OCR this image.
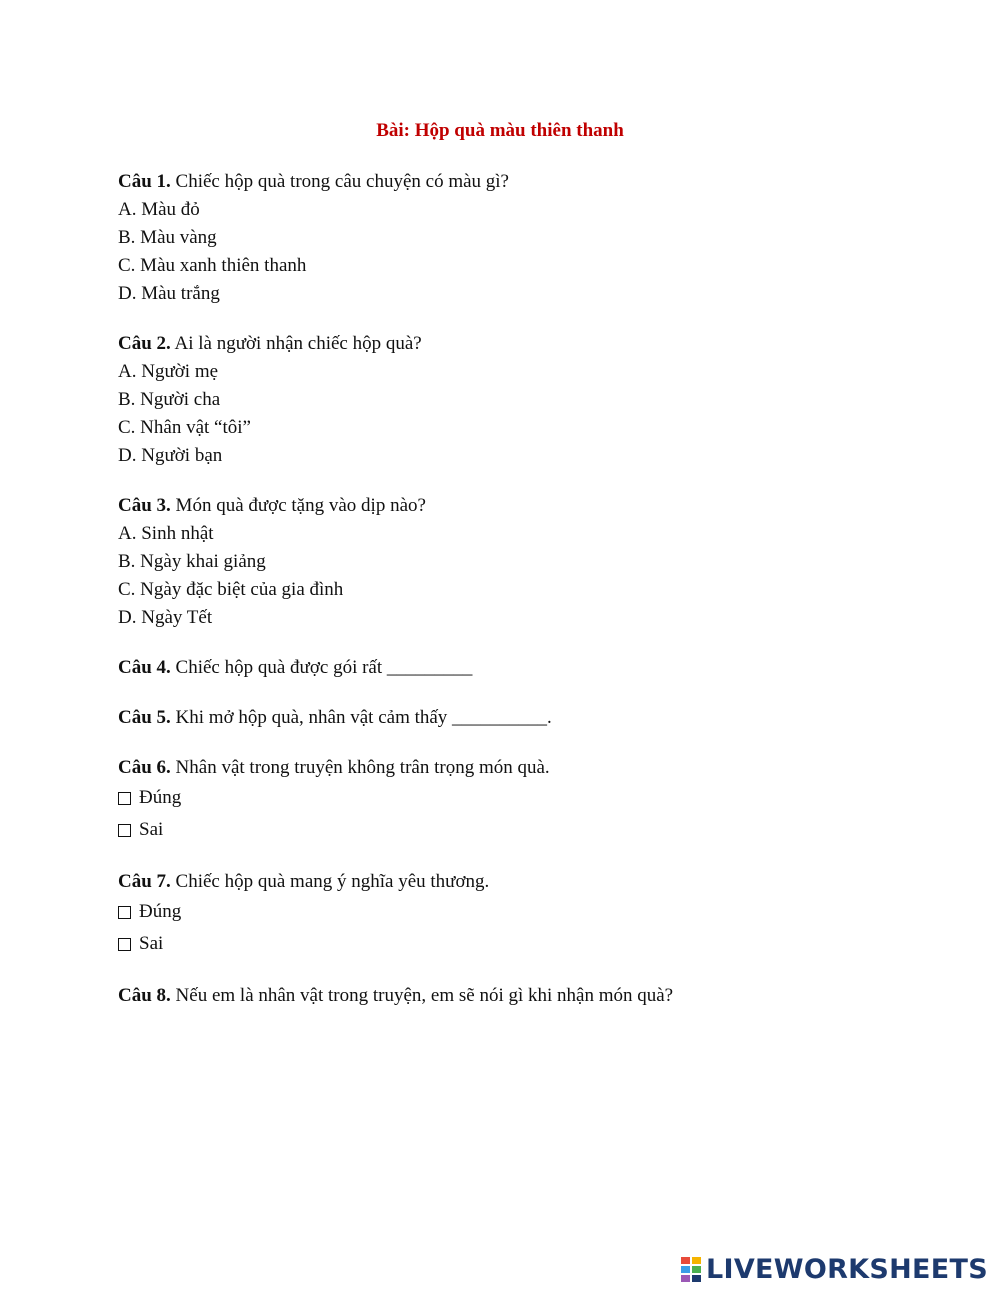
Bài: Hộp quà màu thiên thanh
Câu 1. Chiếc hộp quà trong câu chuyện có màu gì?
A. Màu đỏ
B. Màu vàng
C. Màu xanh thiên thanh
D. Màu trắng
Câu 2. Ai là người nhận chiếc hộp quà?
A. Người mẹ
B. Người cha
C. Nhân vật “tôi”
D. Người bạn
Câu 3. Món quà được tặng vào dịp nào?
A. Sinh nhật
B. Ngày khai giảng
C. Ngày đặc biệt của gia đình
D. Ngày Tết
Câu 4. Chiếc hộp quà được gói rất _________
Câu 5. Khi mở hộp quà, nhân vật cảm thấy __________.
Câu 6. Nhân vật trong truyện không trân trọng món quà.
Đúng
Sai
Câu 7. Chiếc hộp quà mang ý nghĩa yêu thương.
Đúng
Sai
Câu 8. Nếu em là nhân vật trong truyện, em sẽ nói gì khi nhận món quà?
LIVEWORKSHEETS
